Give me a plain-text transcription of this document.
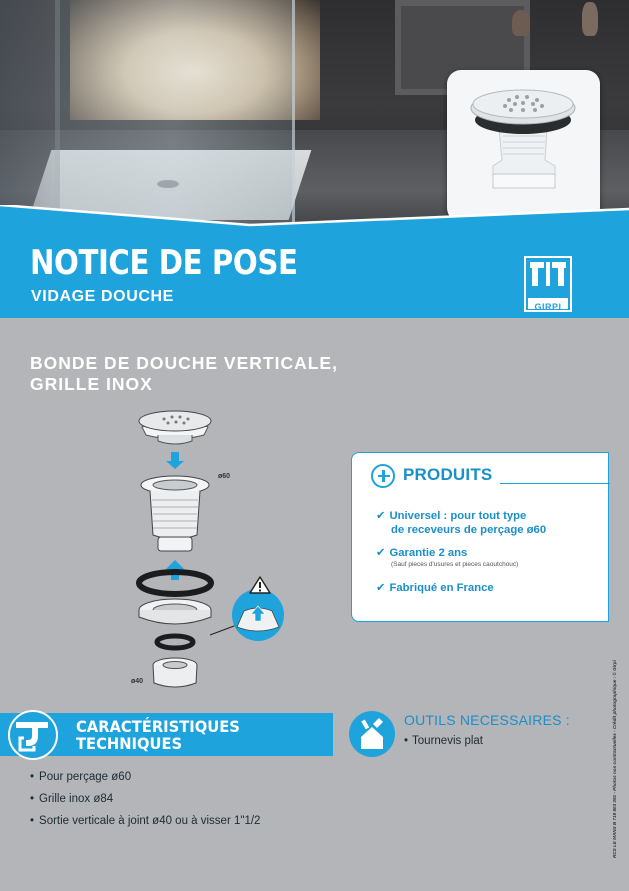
NOTICE DE POSE
VIDAGE DOUCHE
GIRPI
BONDE DE DOUCHE VERTICALE,
GRILLE INOX
ø60
ø40
PRODUITS
✔ Universel : pour tout type
de receveurs de perçage ø60
✔ Garantie 2 ans
(Sauf pieces d'usures et pieces caoutchouc)
✔ Fabriqué en France
CARACTÉRISTIQUES
TECHNIQUES
• Pour perçage ø60
• Grille inox ø84
• Sortie verticale à joint ø40 ou à visser 1"1/2
OUTILS NECESSAIRES :
• Tournevis plat	RCS LE MANS B 719 803 391 - Photos non contractuelles - Crédit photographique : © Girpi
